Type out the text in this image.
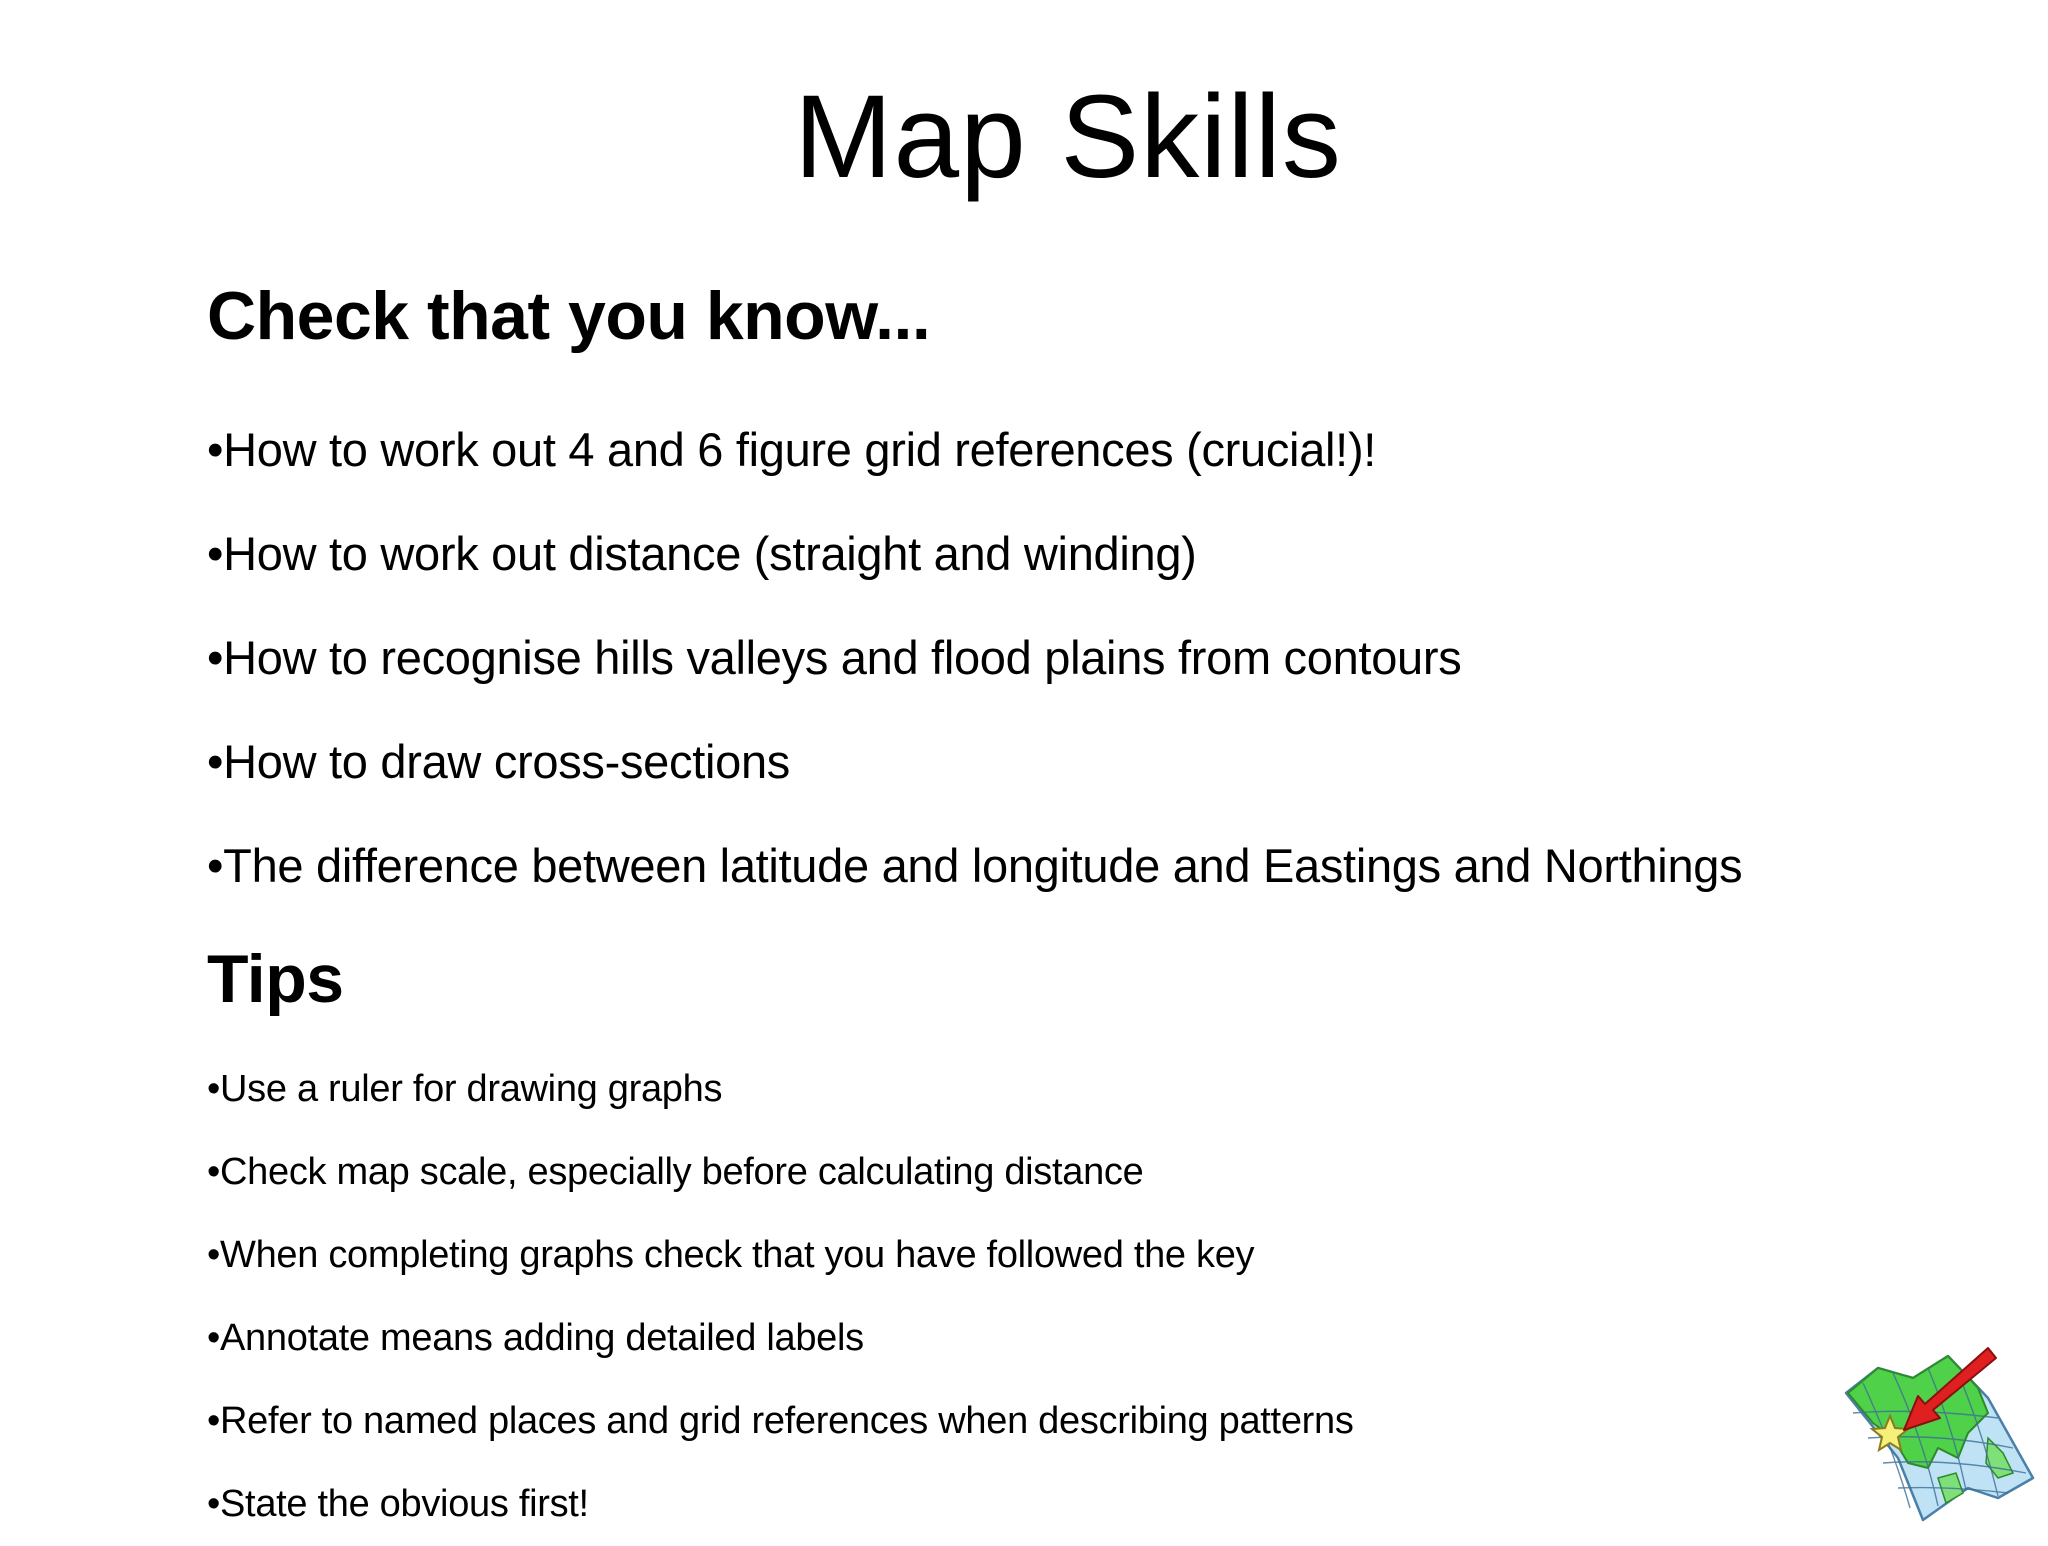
Map Skills
Check that you know...
•How to work out 4 and 6 figure grid references (crucial!)!
•How to work out distance (straight and winding)
•How to recognise hills valleys and flood plains from contours
•How to draw cross-sections
•The difference between latitude and longitude and Eastings and Northings
Tips
•Use a ruler for drawing graphs
•Check map scale, especially before calculating distance
•When completing graphs check that you have followed the key
•Annotate means adding detailed labels
•Refer to named places and grid references when describing patterns
•State the obvious first!
